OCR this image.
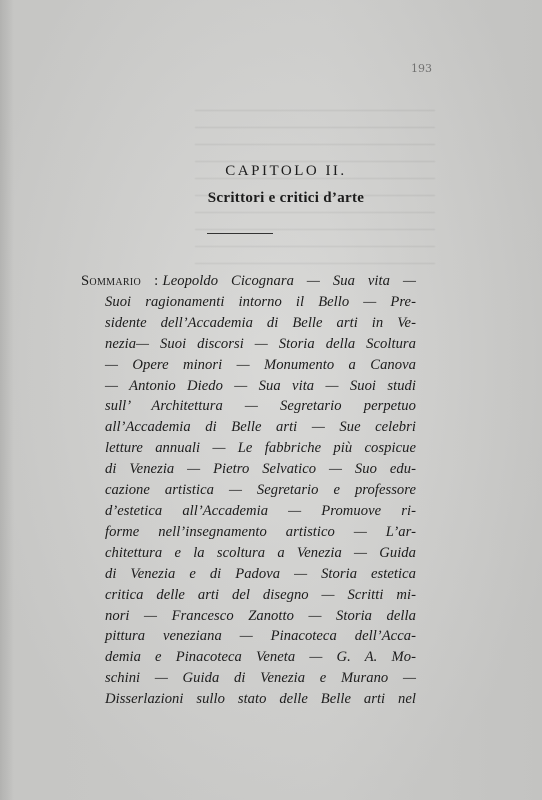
193
CAPITOLO II.
Scrittori e critici d’arte
Sommario : Leopoldo Cicognara — Sua vita —
Suoi ragionamenti intorno il Bello — Pre-
sidente dell’Accademia di Belle arti in Ve-
nezia— Suoi discorsi — Storia della Scoltura
— Opere minori — Monumento a Canova
— Antonio Diedo — Sua vita — Suoi studi
sull’ Architettura — Segretario perpetuo
all’Accademia di Belle arti — Sue celebri
letture annuali — Le fabbriche più cospicue
di Venezia — Pietro Selvatico — Suo edu-
cazione artistica — Segretario e professore
d’estetica all’Accademia — Promuove ri-
forme nell’insegnamento artistico — L’ar-
chitettura e la scoltura a Venezia — Guida
di Venezia e di Padova — Storia estetica
critica delle arti del disegno — Scritti mi-
nori — Francesco Zanotto — Storia della
pittura veneziana — Pinacoteca dell’Acca-
demia e Pinacoteca Veneta — G. A. Mo-
schini — Guida di Venezia e Murano —
Disserlazioni sullo stato delle Belle arti nel
